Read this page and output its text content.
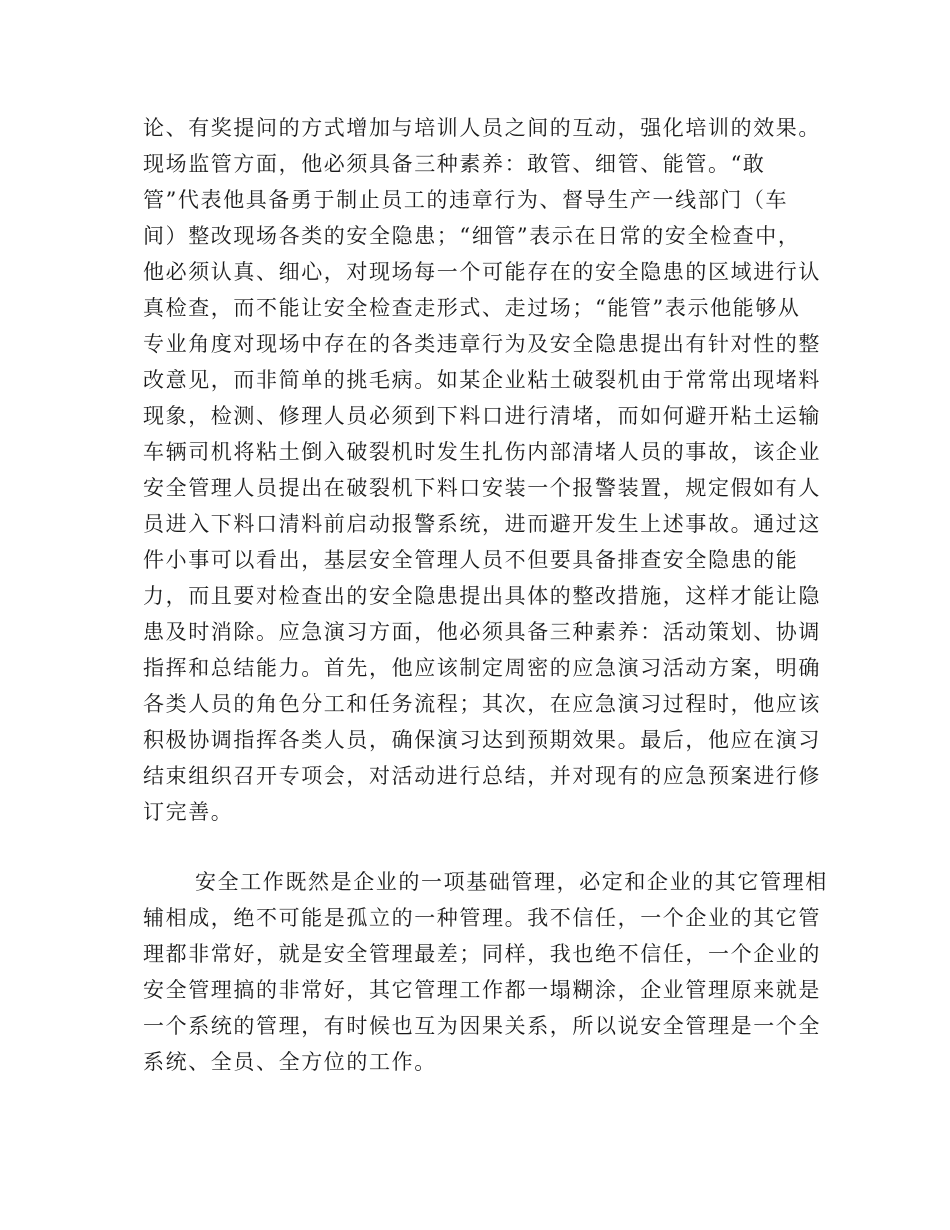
论、有奖提问的方式增加与培训人员之间的互动，强化培训的效果。
现场监管方面，他必须具备三种素养：敢管、细管、能管。“敢
管”代表他具备勇于制止员工的违章行为、督导生产一线部门（车
间）整改现场各类的安全隐患；“细管”表示在日常的安全检查中，
他必须认真、细心，对现场每一个可能存在的安全隐患的区域进行认
真检查，而不能让安全检查走形式、走过场；“能管”表示他能够从
专业角度对现场中存在的各类违章行为及安全隐患提出有针对性的整
改意见，而非简单的挑毛病。如某企业粘土破裂机由于常常出现堵料
现象，检测、修理人员必须到下料口进行清堵，而如何避开粘土运输
车辆司机将粘土倒入破裂机时发生扎伤内部清堵人员的事故，该企业
安全管理人员提出在破裂机下料口安装一个报警装置，规定假如有人
员进入下料口清料前启动报警系统，进而避开发生上述事故。通过这
件小事可以看出，基层安全管理人员不但要具备排查安全隐患的能
力，而且要对检查出的安全隐患提出具体的整改措施，这样才能让隐
患及时消除。应急演习方面，他必须具备三种素养：活动策划、协调
指挥和总结能力。首先，他应该制定周密的应急演习活动方案，明确
各类人员的角色分工和任务流程；其次，在应急演习过程时，他应该
积极协调指挥各类人员，确保演习达到预期效果。最后，他应在演习
结束组织召开专项会，对活动进行总结，并对现有的应急预案进行修
订完善。
安全工作既然是企业的一项基础管理，必定和企业的其它管理相
辅相成，绝不可能是孤立的一种管理。我不信任，一个企业的其它管
理都非常好，就是安全管理最差；同样，我也绝不信任，一个企业的
安全管理搞的非常好，其它管理工作都一塌糊涂，企业管理原来就是
一个系统的管理，有时候也互为因果关系，所以说安全管理是一个全
系统、全员、全方位的工作。
